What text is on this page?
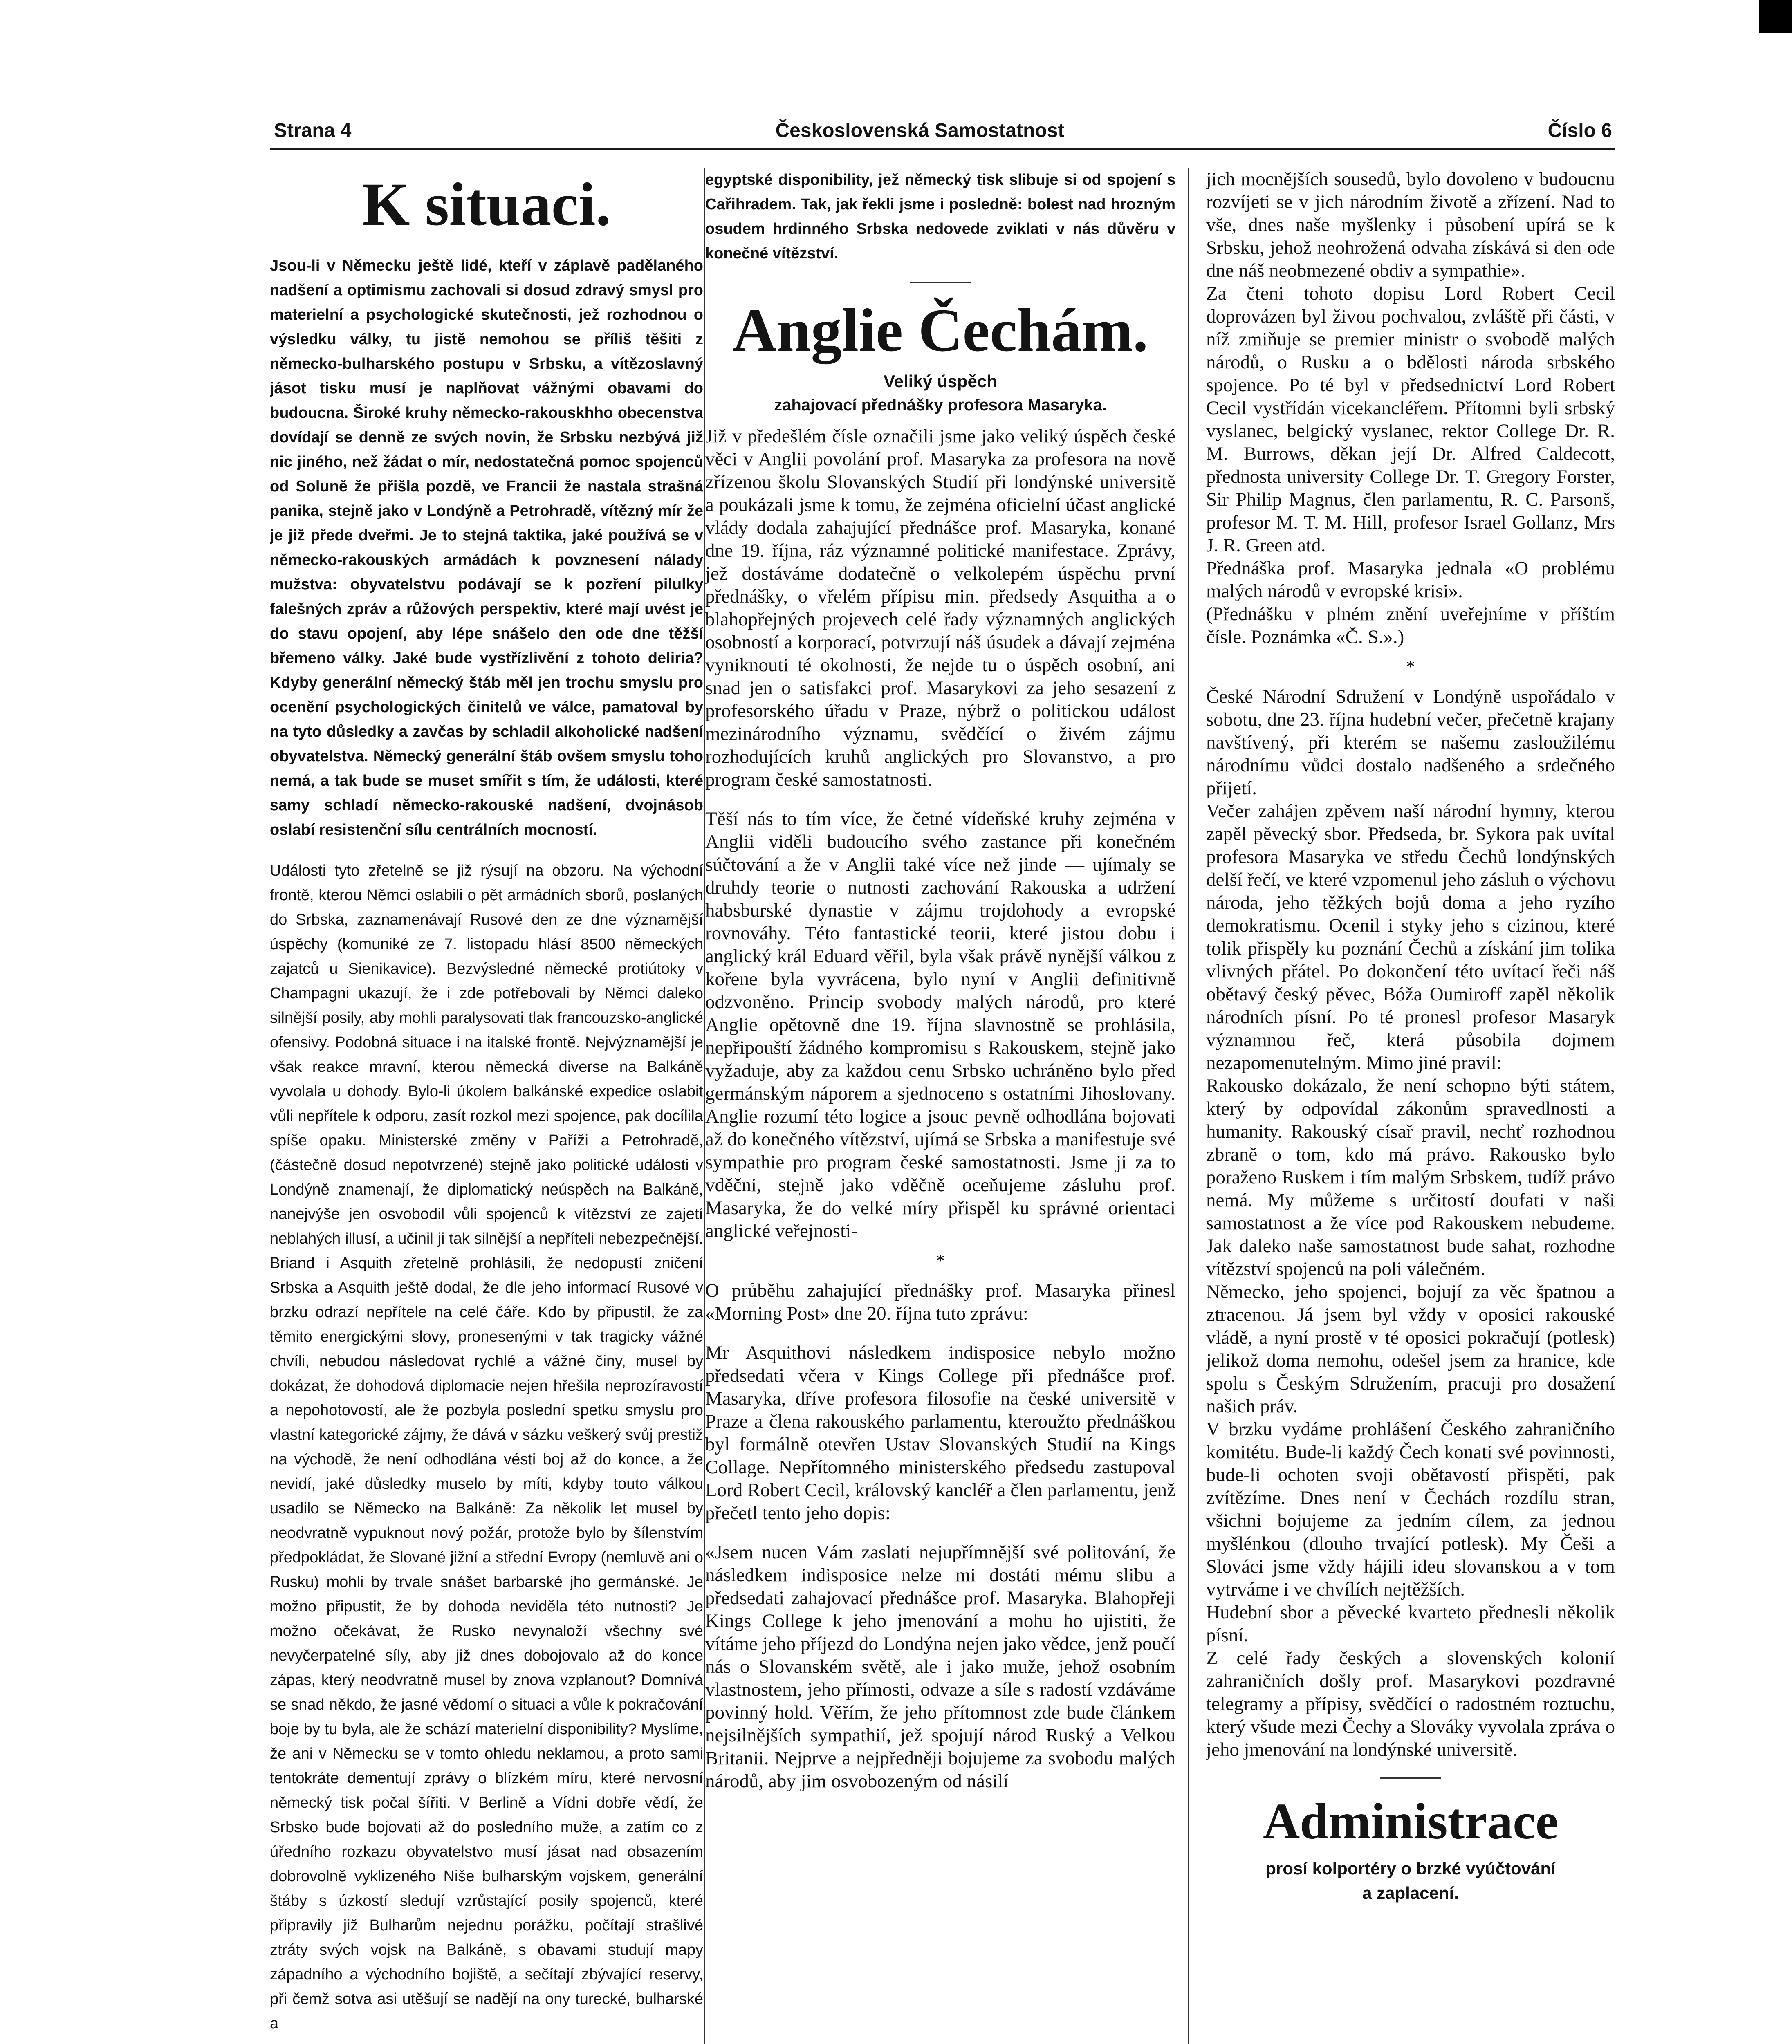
Strana 4	Československá Samostatnost	Číslo 6
K situaci.

Jsou-li v Německu ještě lidé, kteří v záplavě padělaného nadšení a optimismu zachovali si dosud zdravý smysl pro materielní a psychologické skutečnosti, jež rozhodnou o výsledku války, tu jistě nemohou se příliš těšiti z německo-bulharského postupu v Srbsku, a vítězoslavný jásot tisku musí je naplňovat vážnými obavami do budoucna. Široké kruhy německo-rakouskhho obecenstva dovídají se denně ze svých novin, že Srbsku nezbývá již nic jiného, než žádat o mír, nedostatečná pomoc spojenců od Soluně že přišla pozdě, ve Francii že nastala strašná panika, stejně jako v Londýně a Petrohradě, vítězný mír že je již přede dveřmi. Je to stejná taktika, jaké používá se v německo-rakouských armádách k povznesení nálady mužstva: obyvatelstvu podávají se k pozření pilulky falešných zpráv a růžových perspektiv, které mají uvést je do stavu opojení, aby lépe snášelo den ode dne těžší břemeno války. Jaké bude vystřízlivění z tohoto deliria? Kdyby generální německý štáb měl jen trochu smyslu pro ocenění psychologických činitelů ve válce, pamatoval by na tyto důsledky a zavčas by schladil alkoholické nadšení obyvatelstva. Německý generální štáb ovšem smyslu toho nemá, a tak bude se muset smířit s tím, že události, které samy schladí německo-rakouské nadšení, dvojnásob oslabí resistenční sílu centrálních mocností.

Události tyto zřetelně se již rýsují na obzoru. Na východní frontě, kterou Němci oslabili o pět armádních sborů, poslaných do Srbska, zaznamenávají Rusové den ze dne významější úspěchy (komuniké ze 7. listopadu hlásí 8500 německých zajatců u Sienikavice). Bezvýsledné německé protiútoky v Champagni ukazují, že i zde potřebovali by Němci daleko silnější posily, aby mohli paralysovati tlak francouzsko-anglické ofensivy. Podobná situace i na italské frontě. Nejvýznamější je však reakce mravní, kterou německá diverse na Balkáně vyvolala u dohody. Bylo-li úkolem balkánské expedice oslabit vůli nepřítele k odporu, zasít rozkol mezi spojence, pak docílila spíše opaku. Ministerské změny v Paříži a Petrohradě, (částečně dosud nepotvrzené) stejně jako politické události v Londýně znamenají, že diplomatický neúspěch na Balkáně, nanejvýše jen osvobodil vůli spojenců k vítězství ze zajetí neblahých illusí, a učinil ji tak silnější a nepříteli nebezpečnější. Briand i Asquith zřetelně prohlásili, že nedopustí zničení Srbska a Asquith ještě dodal, že dle jeho informací Rusové v brzku odrazí nepřítele na celé čáře. Kdo by připustil, že za těmito energickými slovy, pronesenými v tak tragicky vážné chvíli, nebudou následovat rychlé a vážné činy, musel by dokázat, že dohodová diplomacie nejen hřešila neprozíravostí a nepohotovostí, ale že pozbyla poslední spetku smyslu pro vlastní kategorické zájmy, že dává v sázku veškerý svůj prestiž na východě, že není odhodlána vésti boj až do konce, a že nevidí, jaké důsledky muselo by míti, kdyby touto válkou usadilo se Německo na Balkáně: Za několik let musel by neodvratně vypuknout nový požár, protože bylo by šílenstvím předpokládat, že Slované jižní a střední Evropy (nemluvě ani o Rusku) mohli by trvale snášet barbarské jho germánské. Je možno připustit, že by dohoda neviděla této nutnosti? Je možno očekávat, že Rusko nevynaloží všechny své nevyčerpatelné síly, aby již dnes dobojovalo až do konce zápas, který neodvratně musel by znova vzplanout? Domnívá se snad někdo, že jasné vědomí o situaci a vůle k pokračování boje by tu byla, ale že schází materielní disponibility? Myslíme, že ani v Německu se v tomto ohledu neklamou, a proto sami tentokráte dementují zprávy o blízkém míru, které nervosní německý tisk počal šířiti. V Berlině a Vídni dobře vědí, že Srbsko bude bojovati až do posledního muže, a zatím co z úředního rozkazu obyvatelstvo musí jásat nad obsazením dobrovolně vyklizeného Niše bulharským vojskem, generální štáby s úzkostí sledují vzrůstající posily spojenců, které připravily již Bulharům nejednu porážku, počítají strašlivé ztráty svých vojsk na Balkáně, s obavami studují mapy západního a východního bojiště, a sečítají zbývající reservy, při čemž sotva asi utěšují se nadějí na ony turecké, bulharské a

egyptské disponibility, jež německý tisk slibuje si od spojení s Cařihradem. Tak, jak řekli jsme i posledně: bolest nad hrozným osudem hrdinného Srbska nedovede zviklati v nás důvěru v konečné vítězství.

Anglie Čechám.

Veliký úspěch

zahajovací přednášky profesora Masaryka.

Již v předešlém čísle označili jsme jako veliký úspěch české věci v Anglii povolání prof. Masaryka za profesora na nově zřízenou školu Slovanských Studií při londýnské universitě a poukázali jsme k tomu, že zejména oficielní účast anglické vlády dodala zahajující přednášce prof. Masaryka, konané dne 19. října, ráz významné politické manifestace. Zprávy, jež dostáváme dodatečně o velkolepém úspěchu první přednášky, o vřelém přípisu min. předsedy Asquitha a o blahopřejných projevech celé řady významných anglických osobností a korporací, potvrzují náš úsudek a dávají zejména vyniknouti té okolnosti, že nejde tu o úspěch osobní, ani snad jen o satisfakci prof. Masarykovi za jeho sesazení z profesorského úřadu v Praze, nýbrž o politickou událost mezinárodního významu, svědčící o živém zájmu rozhodujících kruhů anglických pro Slovanstvo, a pro program české samostatnosti.

Těší nás to tím více, že četné vídeňské kruhy zejména v Anglii viděli budoucího svého zastance při konečném súčtování a že v Anglii také více než jinde — ujímaly se druhdy teorie o nutnosti zachování Rakouska a udržení habsburské dynastie v zájmu trojdohody a evropské rovnováhy. Této fantastické teorii, které jistou dobu i anglický král Eduard věřil, byla však právě nynější válkou z kořene byla vyvrácena, bylo nyní v Anglii definitivně odzvoněno. Princip svobody malých národů, pro které Anglie opětovně dne 19. října slavnostně se prohlásila, nepřipouští žádného kompromisu s Rakouskem, stejně jako vyžaduje, aby za každou cenu Srbsko uchráněno bylo před germánským náporem a sjednoceno s ostatními Jihoslovany. Anglie rozumí této logice a jsouc pevně odhodlána bojovati až do konečného vítězství, ujímá se Srbska a manifestuje své sympathie pro program české samostatnosti. Jsme ji za to vděčni, stejně jako vděčně oceňujeme zásluhu prof. Masaryka, že do velké míry přispěl ku správné orientaci anglické veřejnosti-

*

O průběhu zahajující přednášky prof. Masaryka přinesl «Morning Post» dne 20. října tuto zprávu:

Mr Asquithovi následkem indisposice nebylo možno předsedati včera v Kings College při přednášce prof. Masaryka, dříve profesora filosofie na české universitě v Praze a člena rakouského parlamentu, kteroužto přednáškou byl formálně otevřen Ustav Slovanských Studií na Kings Collage. Nepřítomného ministerského předsedu zastupoval Lord Robert Cecil, královský kancléř a člen parlamentu, jenž přečetl tento jeho dopis:

«Jsem nucen Vám zaslati nejupřímnější své politování, že následkem indisposice nelze mi dostáti mému slibu a předsedati zahajovací přednášce prof. Masaryka. Blahopřeji Kings College k jeho jmenování a mohu ho ujistiti, že vítáme jeho příjezd do Londýna nejen jako vědce, jenž poučí nás o Slovanském světě, ale i jako muže, jehož osobním vlastnostem, jeho přímosti, odvaze a síle s radostí vzdáváme povinný hold. Věřím, že jeho přítomnost zde bude článkem nejsilnějších sympathií, jež spojují národ Ruský a Velkou Britanii. Nejprve a nejpředněji bojujeme za svobodu malých národů, aby jim osvobozeným od násilí

jich mocnějších sousedů, bylo dovoleno v budoucnu rozvíjeti se v jich národním životě a zřízení. Nad to vše, dnes naše myšlenky i působení upírá se k Srbsku, jehož neohrožená odvaha získává si den ode dne náš neobmezené obdiv a sympathie».

Za čteni tohoto dopisu Lord Robert Cecil doprovázen byl živou pochvalou, zvláště při části, v níž zmiňuje se premier ministr o svobodě malých národů, o Rusku a o bdělosti národa srbského spojence. Po té byl v předsednictví Lord Robert Cecil vystřídán vicekancléřem. Přítomni byli srbský vyslanec, belgický vyslanec, rektor College Dr. R. M. Burrows, děkan její Dr. Alfred Caldecott, přednosta university College Dr. T. Gregory Forster, Sir Philip Magnus, člen parlamentu, R. C. Parsonš, profesor M. T. M. Hill, profesor Israel Gollanz, Mrs J. R. Green atd.

Přednáška prof. Masaryka jednala «O problému malých národů v evropské krisi».

(Přednášku v plném znění uveřejníme v příštím čísle. Poznámka «Č. S.».)

*

České Národní Sdružení v Londýně uspořádalo v sobotu, dne 23. října hudební večer, přečetně krajany navštívený, při kterém se našemu zasloužilému národnímu vůdci dostalo nadšeného a srdečného přijetí.

Večer zahájen zpěvem naší národní hymny, kterou zapěl pěvecký sbor. Předseda, br. Sykora pak uvítal profesora Masaryka ve středu Čechů londýnských delší řečí, ve které vzpomenul jeho zásluh o výchovu národa, jeho těžkých bojů doma a jeho ryzího demokratismu. Ocenil i styky jeho s cizinou, které tolik přispěly ku poznání Čechů a získání jim tolika vlivných přátel. Po dokončení této uvítací řeči náš obětavý český pěvec, Bóža Oumiroff zapěl několik národních písní. Po té pronesl profesor Masaryk významnou řeč, která působila dojmem nezapomenutelným. Mimo jiné pravil:

Rakousko dokázalo, že není schopno býti státem, který by odpovídal zákonům spravedlnosti a humanity. Rakouský císař pravil, nechť rozhodnou zbraně o tom, kdo má právo. Rakousko bylo poraženo Ruskem i tím malým Srbskem, tudíž právo nemá. My můžeme s určitostí doufati v naši samostatnost a že více pod Rakouskem nebudeme. Jak daleko naše samostatnost bude sahat, rozhodne vítězství spojenců na poli válečném.

Německo, jeho spojenci, bojují za věc špatnou a ztracenou. Já jsem byl vždy v oposici rakouské vládě, a nyní prostě v té oposici pokračují (potlesk) jelikož doma nemohu, odešel jsem za hranice, kde spolu s Českým Sdružením, pracuji pro dosažení našich práv.

V brzku vydáme prohlášení Českého zahraničního komitétu. Bude-li každý Čech konati své povinnosti, bude-li ochoten svoji obětavostí přispěti, pak zvítězíme. Dnes není v Čechách rozdílu stran, všichni bojujeme za jedním cílem, za jednou myšlénkou (dlouho trvající potlesk). My Češi a Slováci jsme vždy hájili ideu slovanskou a v tom vytrváme i ve chvílích nejtěžších.

Hudební sbor a pěvecké kvarteto přednesli několik písní.

Z celé řady českých a slovenských kolonií zahraničních došly prof. Masarykovi pozdravné telegramy a přípisy, svědčící o radostném roztuchu, který všude mezi Čechy a Slováky vyvolala zpráva o jeho jmenování na londýnské universitě.

Administrace

prosí kolportéry o brzké vyúčtování

a zaplacení.
